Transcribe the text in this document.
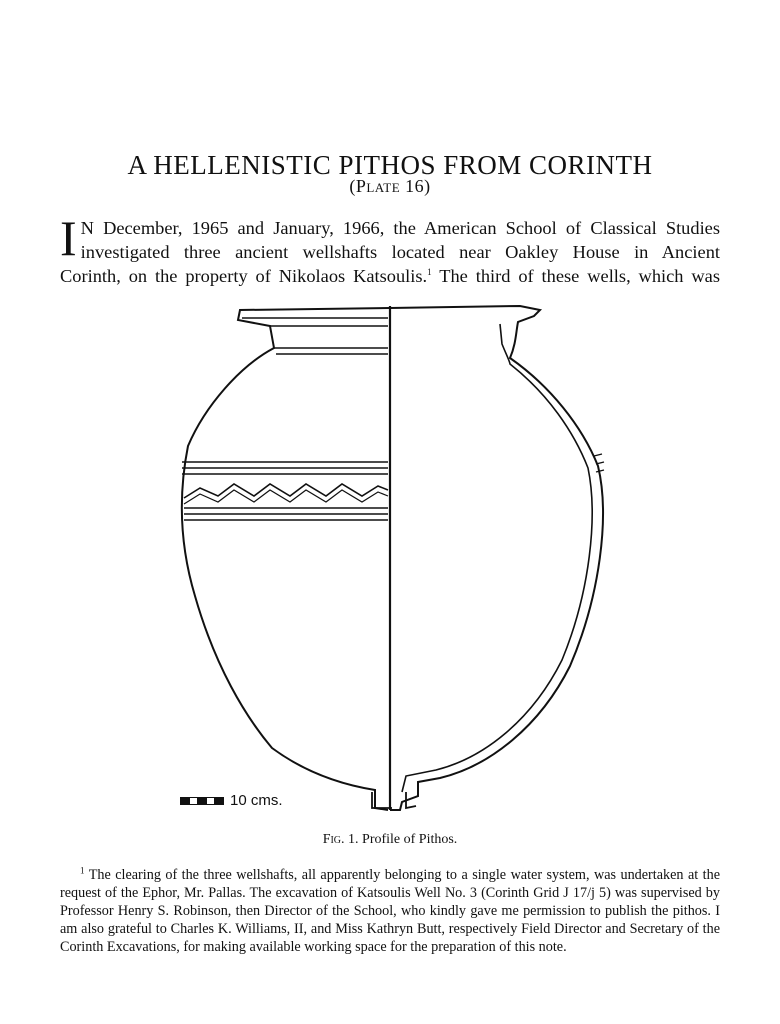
A HELLENISTIC PITHOS FROM CORINTH
(Plate 16)
I N December, 1965 and January, 1966, the American School of Classical Studies
investigated three ancient wellshafts located near Oakley House in Ancient
Corinth, on the property of Nikolaos Katsoulis.$^1$ The third of these wells, which was
10 cms.
Fig. 1. Profile of Pithos.
$^1$ The clearing of the three wellshafts, all apparently belonging to a single water system, was undertaken at the request of the Ephor, Mr. Pallas. The excavation of Katsoulis Well No. 3 (Corinth Grid J 17/j 5) was supervised by Professor Henry S. Robinson, then Director of the School, who kindly gave me permission to publish the pithos. I am also grateful to Charles K. Williams, II, and Miss Kathryn Butt, respectively Field Director and Secretary of the Corinth Excavations, for making available working space for the preparation of this note.
